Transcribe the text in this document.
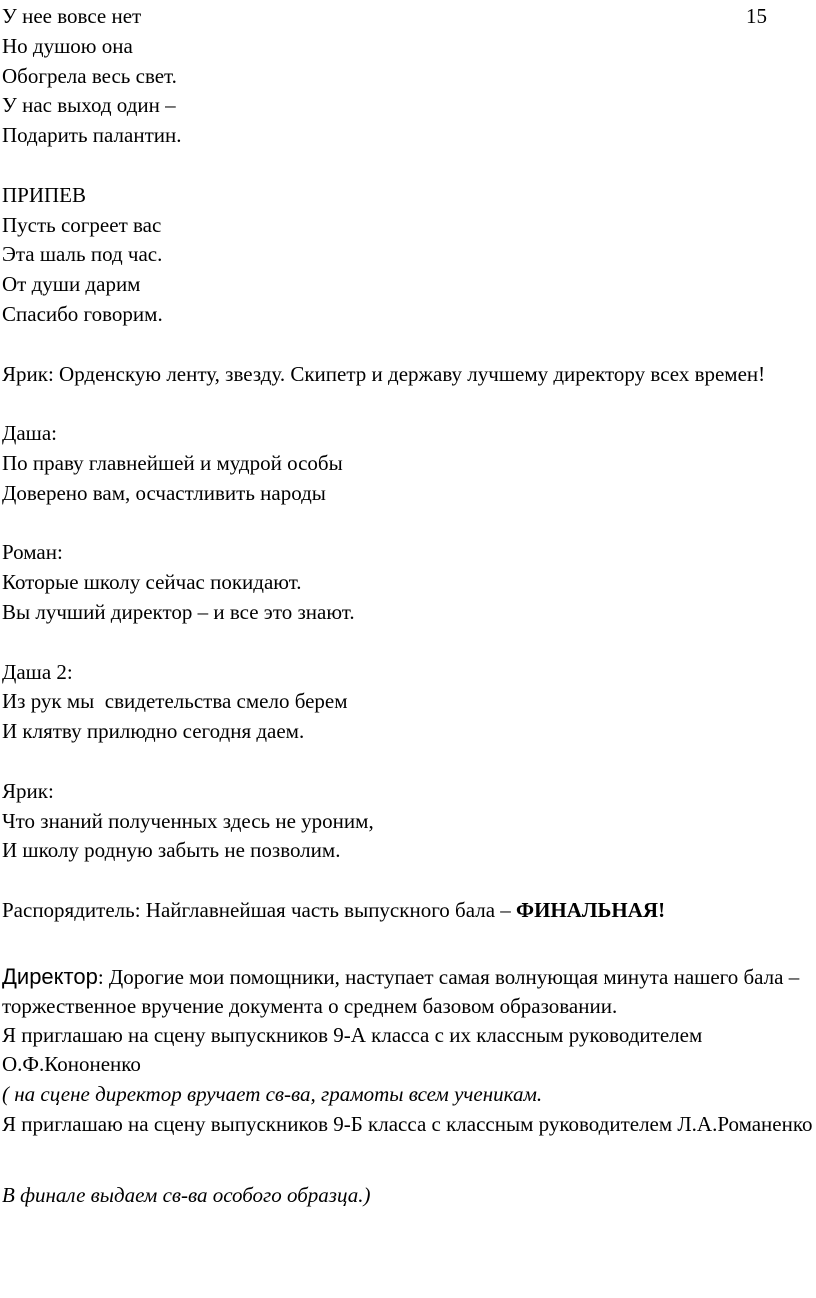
15
У нее вовсе нет
Но душою она
Обогрела весь свет.
У нас выход один –
Подарить палантин.
ПРИПЕВ
Пусть согреет вас
Эта шаль под час.
От души дарим
Спасибо говорим.
Ярик: Орденскую ленту, звезду. Скипетр и державу лучшему директору всех времен!
Даша:
По праву главнейшей и мудрой особы
Доверено вам, осчастливить народы
Роман:
Которые школу сейчас покидают.
Вы лучший директор – и все это знают.
Даша 2:
Из рук мы  свидетельства смело берем
И клятву прилюдно сегодня даем.
Ярик:
Что знаний полученных здесь не уроним,
И школу родную забыть не позволим.
Распорядитель: Найглавнейшая часть выпускного бала – ФИНАЛЬНАЯ!
Директор: Дорогие мои помощники, наступает самая волнующая минута нашего бала – торжественное вручение документа о среднем базовом образовании.
Я приглашаю на сцену выпускников 9-А класса с их классным руководителем О.Ф.Кононенко
( на сцене директор вручает св-ва, грамоты всем ученикам.
Я приглашаю на сцену выпускников 9-Б класса с классным руководителем Л.А.Романенко
В финале выдаем св-ва особого образца.)
